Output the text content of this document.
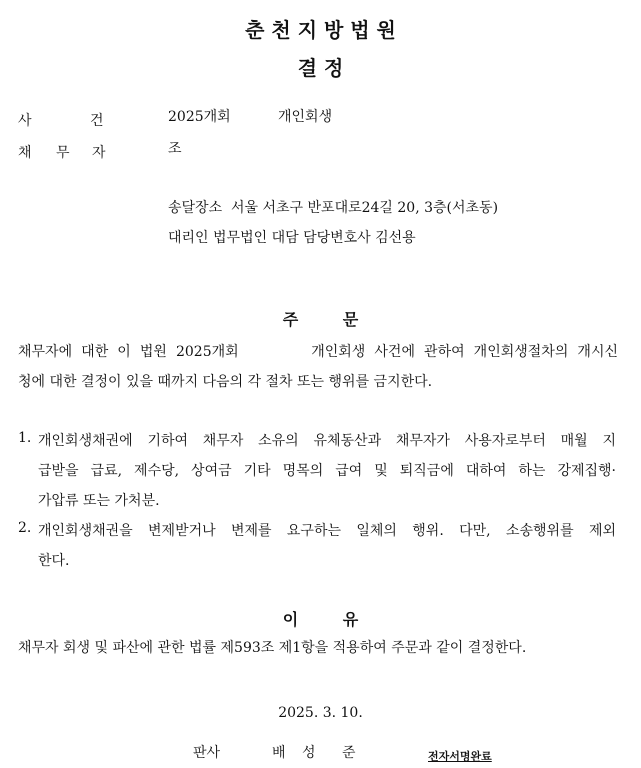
춘 천 지 방 법 원
결 정
사	건	2025개회	개인회생
채 무 자	조
송달장소  서울 서초구 반포대로24길 20, 3층(서초동)
대리인 법무법인 대담 담당변호사 김선용
주        문
채무자에 대한 이 법원 2025개회        개인회생 사건에 관하여 개인회생절차의 개시신
청에 대한 결정이 있을 때까지 다음의 각 절차 또는 행위를 금지한다.
1. 개인회생채권에 기하여 채무자 소유의 유체동산과 채무자가 사용자로부터 매월 지
급받을 급료, 제수당, 상여금 기타 명목의 급여 및 퇴직금에 대하여 하는 강제집행·
가압류 또는 가처분.
2. 개인회생채권을 변제받거나 변제를 요구하는 일체의 행위. 다만, 소송행위를 제외
한다.
이        유
채무자 회생 및 파산에 관한 법률 제593조 제1항을 적용하여 주문과 같이 결정한다.
2025. 3. 10.
판사	배 성 준	전자서명완료
